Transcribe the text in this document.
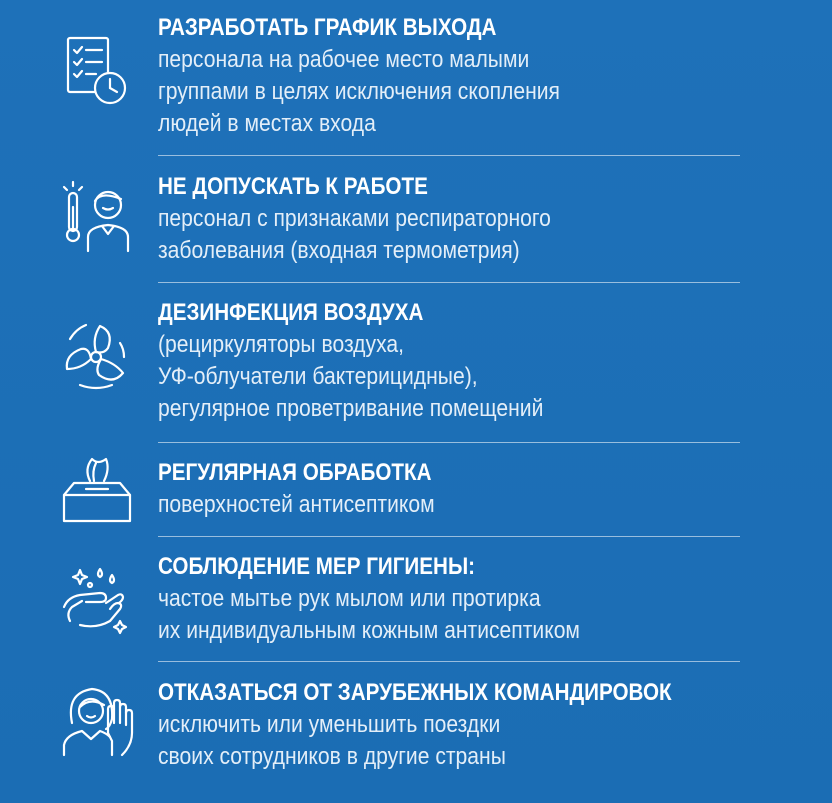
РАЗРАБОТАТЬ ГРАФИК ВЫХОДА
персонала на рабочее место малыми
группами в целях исключения скопления
людей в местах входа
НЕ ДОПУСКАТЬ К РАБОТЕ
персонал с признаками респираторного
заболевания (входная термометрия)
ДЕЗИНФЕКЦИЯ ВОЗДУХА
(рециркуляторы воздуха,
УФ-облучатели бактерицидные),
регулярное проветривание помещений
РЕГУЛЯРНАЯ ОБРАБОТКА
поверхностей антисептиком
СОБЛЮДЕНИЕ МЕР ГИГИЕНЫ:
частое мытье рук мылом или протирка
их индивидуальным кожным антисептиком
ОТКАЗАТЬСЯ ОТ ЗАРУБЕЖНЫХ КОМАНДИРОВОК
исключить или уменьшить поездки
своих сотрудников в другие страны
